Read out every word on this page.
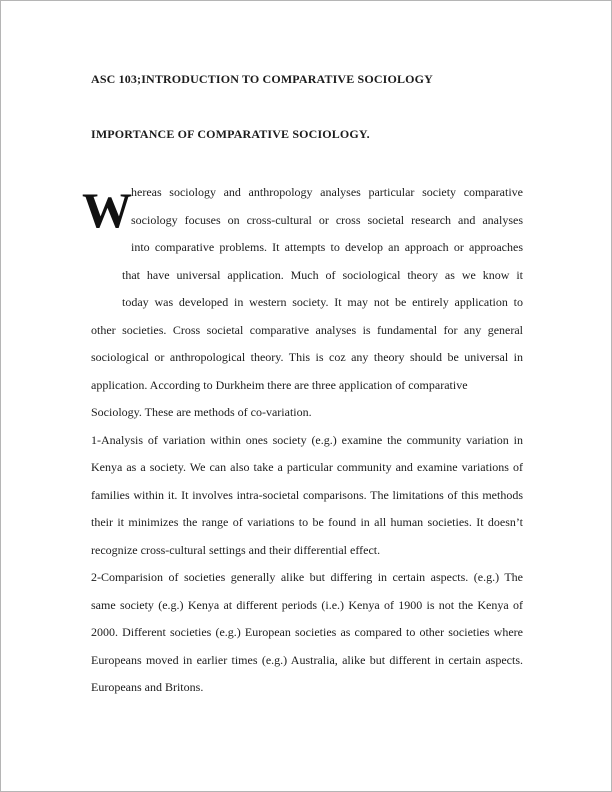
ASC 103;INTRODUCTION TO COMPARATIVE SOCIOLOGY
IMPORTANCE OF COMPARATIVE SOCIOLOGY.
W hereas sociology and anthropology analyses particular society comparative
sociology focuses on cross-cultural or cross societal research and analyses
into comparative problems. It attempts to develop an approach or approaches
that have universal application. Much of sociological theory as we know it
today was developed in western society. It may not be entirely application to
other societies. Cross societal comparative analyses is fundamental for any general
sociological or anthropological theory. This is coz any theory should be universal in
application. According to Durkheim there are three application of comparative
Sociology. These are methods of co-variation.
1-Analysis of variation within ones society (e.g.) examine the community variation in
Kenya as a society. We can also take a particular community and examine variations of
families within it. It involves intra-societal comparisons. The limitations of this methods
their it minimizes the range of variations to be found in all human societies. It doesn’t
recognize cross-cultural settings and their differential effect.
2-Comparision of societies generally alike but differing in certain aspects. (e.g.) The
same society (e.g.) Kenya at different periods (i.e.) Kenya of 1900 is not the Kenya of
2000. Different societies (e.g.) European societies as compared to other societies where
Europeans moved in earlier times (e.g.) Australia, alike but different in certain aspects.
Europeans and Britons.
